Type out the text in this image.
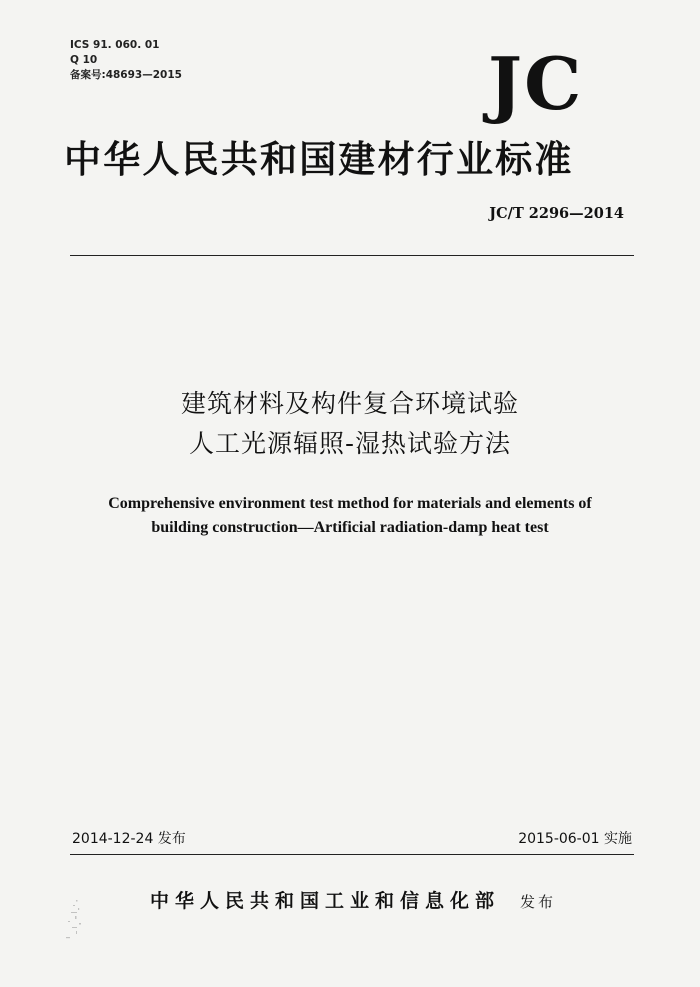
ICS 91. 060. 01
Q 10
备案号:48693—2015	JC
中华人民共和国建材行业标准
JC/T 2296—2014
建筑材料及构件复合环境试验
人工光源辐照-湿热试验方法
Comprehensive environment test method for materials and elements of
building construction—Artificial radiation-damp heat test
2014-12-24 发布	2015-06-01 实施
中华人民共和国工业和信息化部 发布
